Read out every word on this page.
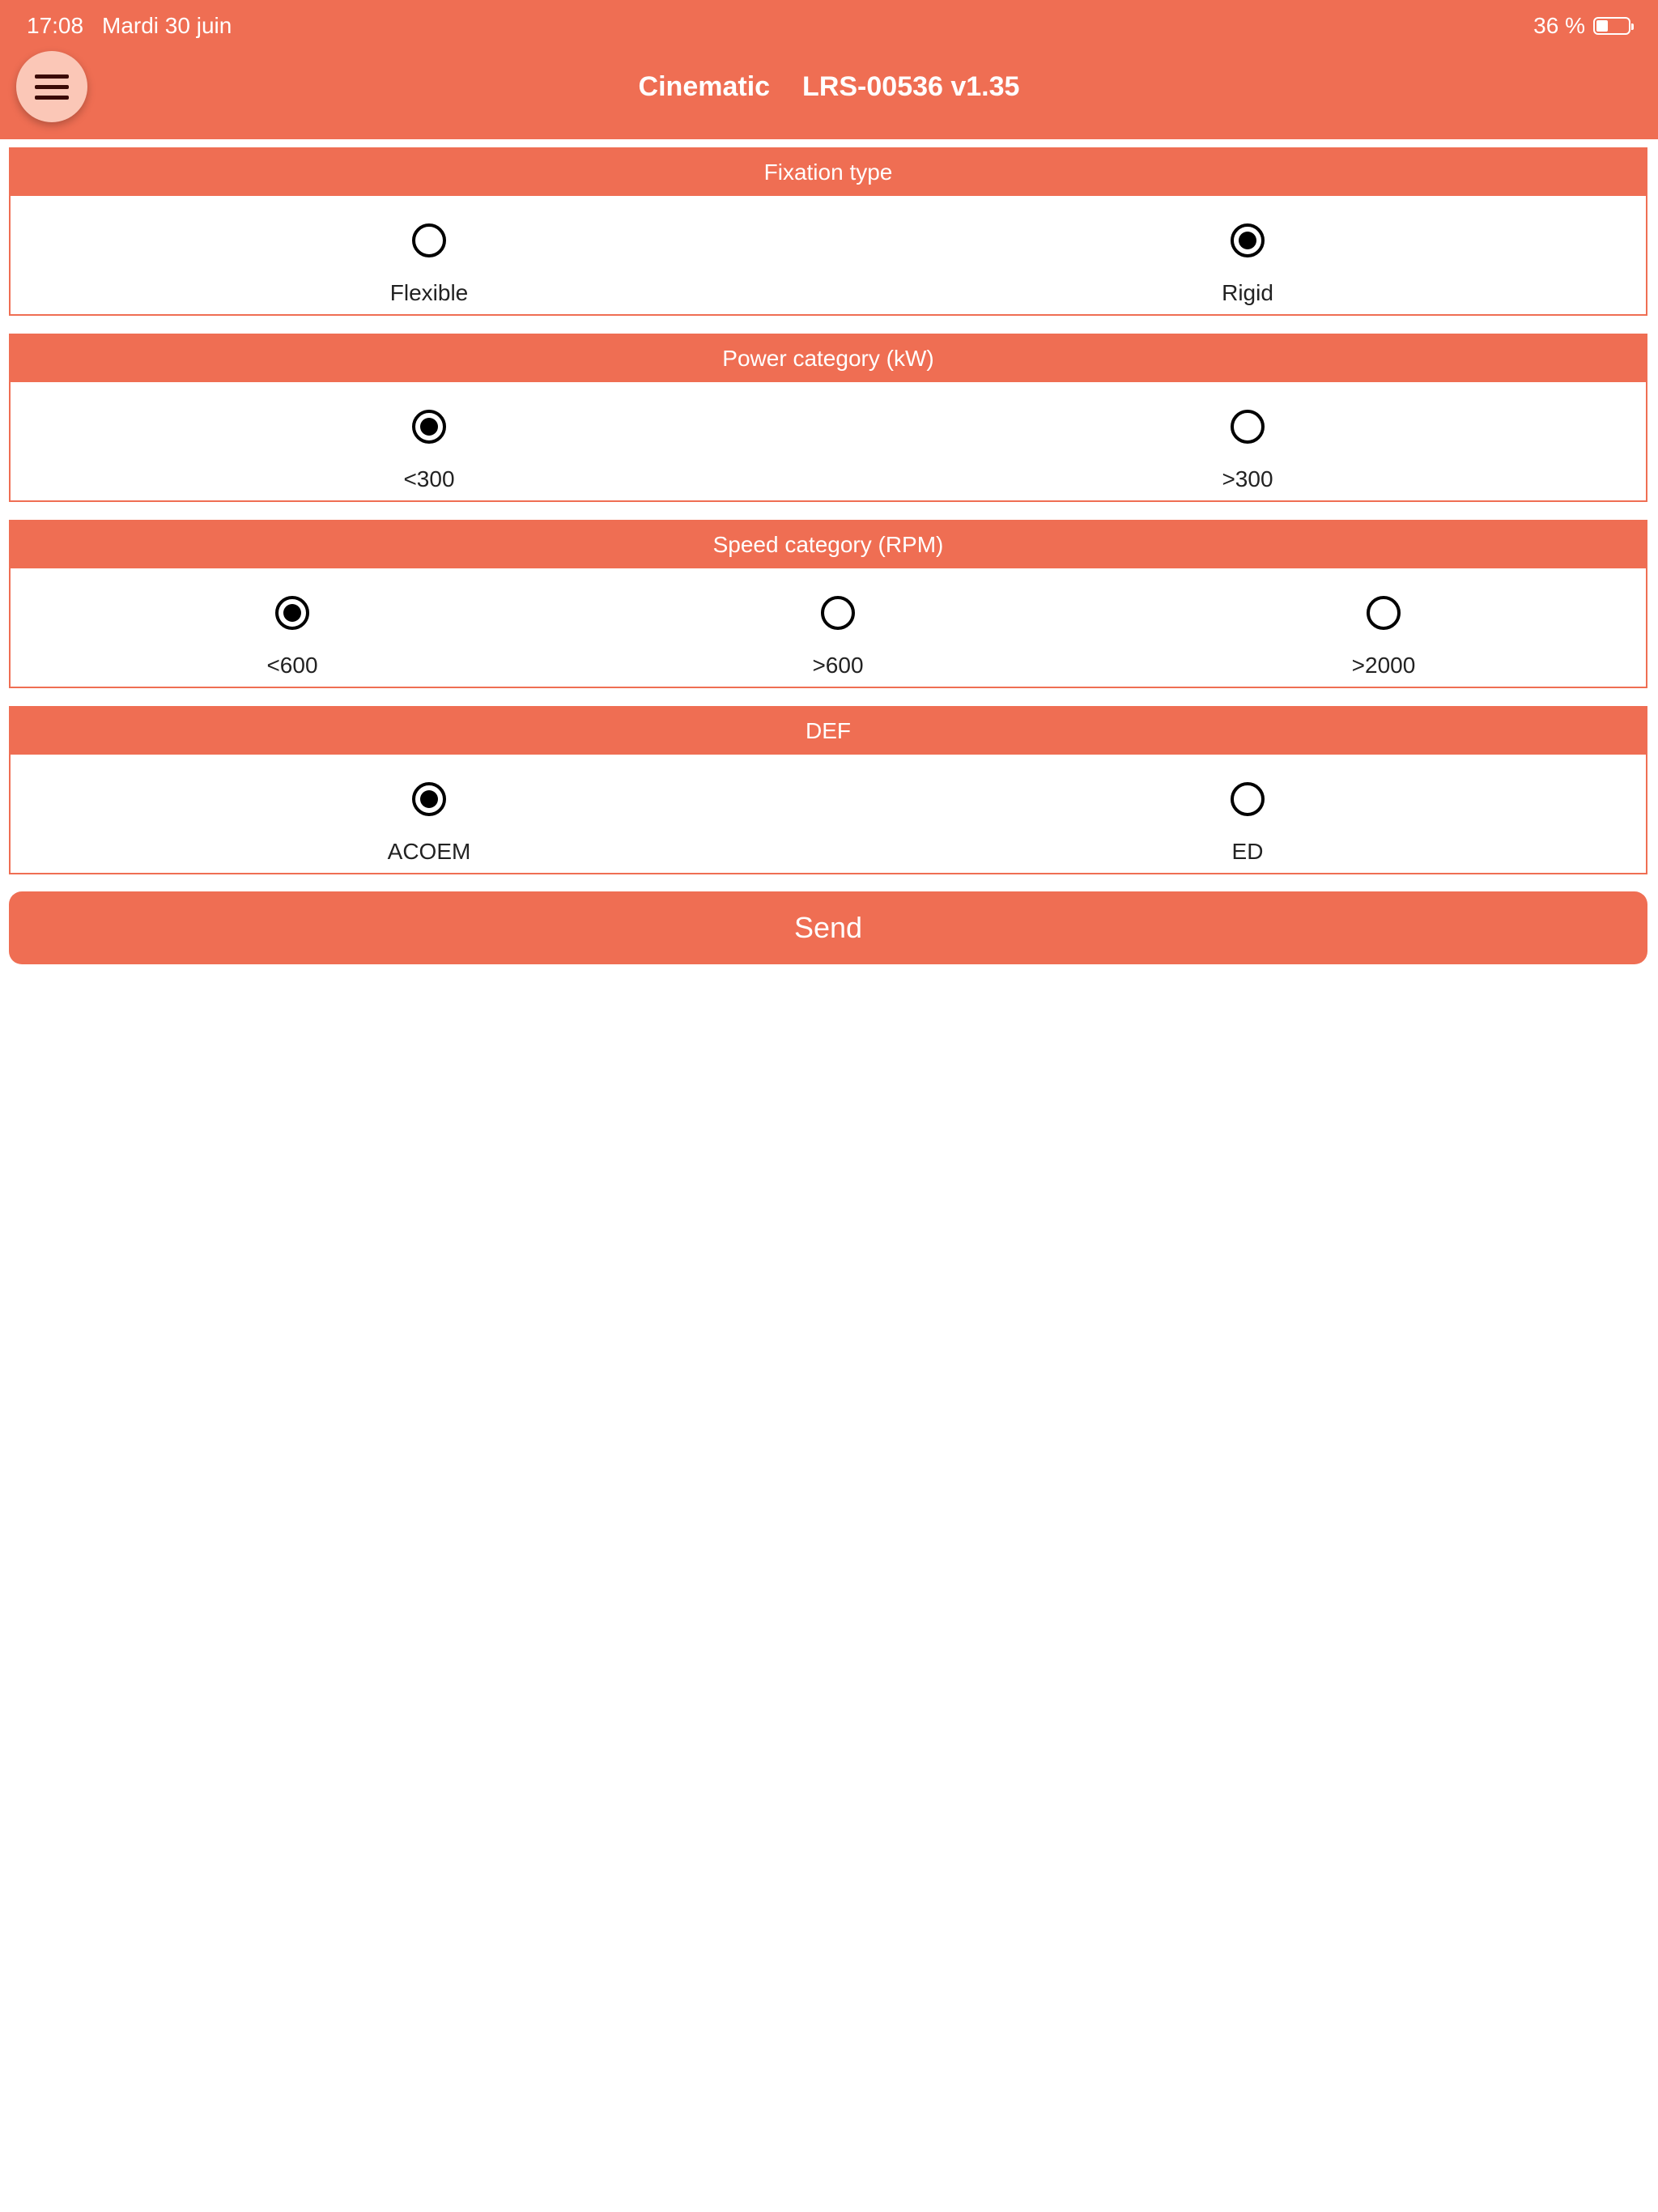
17:08 Mardi 30 juin	36 %
Cinematic LRS-00536 v1.35
Fixation type
Flexible	Rigid
Power category (kW)
<300	>300
Speed category (RPM)
<600	>600	>2000
DEF
ACOEM	ED
Send
